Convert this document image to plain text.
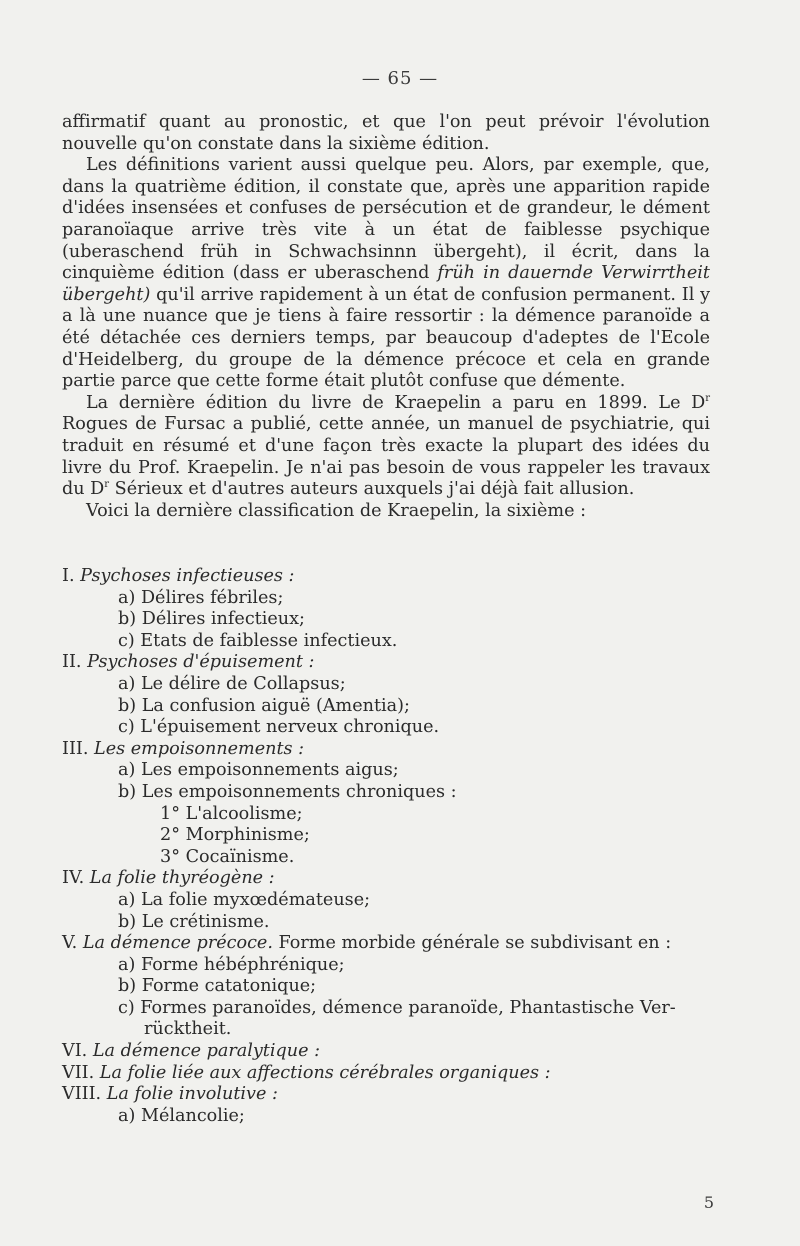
— 65 —

affirmatif quant au pronostic, et que l'on peut prévoir l'évolution nouvelle qu'on constate dans la sixième édition.

Les définitions varient aussi quelque peu. Alors, par exemple, que, dans la quatrième édition, il constate que, après une apparition rapide d'idées insensées et confuses de persécution et de grandeur, le dément paranoïaque arrive très vite à un état de faiblesse psychique (uberaschend früh in Schwachsinnn übergeht), il écrit, dans la cinquième édition (dass er uberaschend früh in dauernde Verwirrtheit übergeht) qu'il arrive rapidement à un état de confusion permanent. Il y a là une nuance que je tiens à faire ressortir : la démence paranoïde a été détachée ces derniers temps, par beaucoup d'adeptes de l'Ecole d'Heidelberg, du groupe de la démence précoce et cela en grande partie parce que cette forme était plutôt confuse que démente.

La dernière édition du livre de Kraepelin a paru en 1899. Le $D^r$ Rogues de Fursac a publié, cette année, un manuel de psychiatrie, qui traduit en résumé et d'une façon très exacte la plupart des idées du livre du Prof. Kraepelin. Je n'ai pas besoin de vous rappeler les travaux du $D^r$ Sérieux et d'autres auteurs auxquels j'ai déjà fait allusion.

Voici la dernière classification de Kraepelin, la sixième :

I. Psychoses infectieuses :
a) Délires fébriles;
b) Délires infectieux;
c) Etats de faiblesse infectieux.
II. Psychoses d'épuisement :
a) Le délire de Collapsus;
b) La confusion aiguë (Amentia);
c) L'épuisement nerveux chronique.
III. Les empoisonnements :
a) Les empoisonnements aigus;
b) Les empoisonnements chroniques :
1° L'alcoolisme;
2° Morphinisme;
3° Cocaïnisme.
IV. La folie thyréogène :
a) La folie myxœdémateuse;
b) Le crétinisme.
V. La démence précoce. Forme morbide générale se subdivisant en :
a) Forme hébéphrénique;
b) Forme catatonique;
c) Formes paranoïdes, démence paranoïde, Phantastische Ver-
rücktheit.
VI. La démence paralytique :
VII. La folie liée aux affections cérébrales organiques :
VIII. La folie involutive :
a) Mélancolie;
5
